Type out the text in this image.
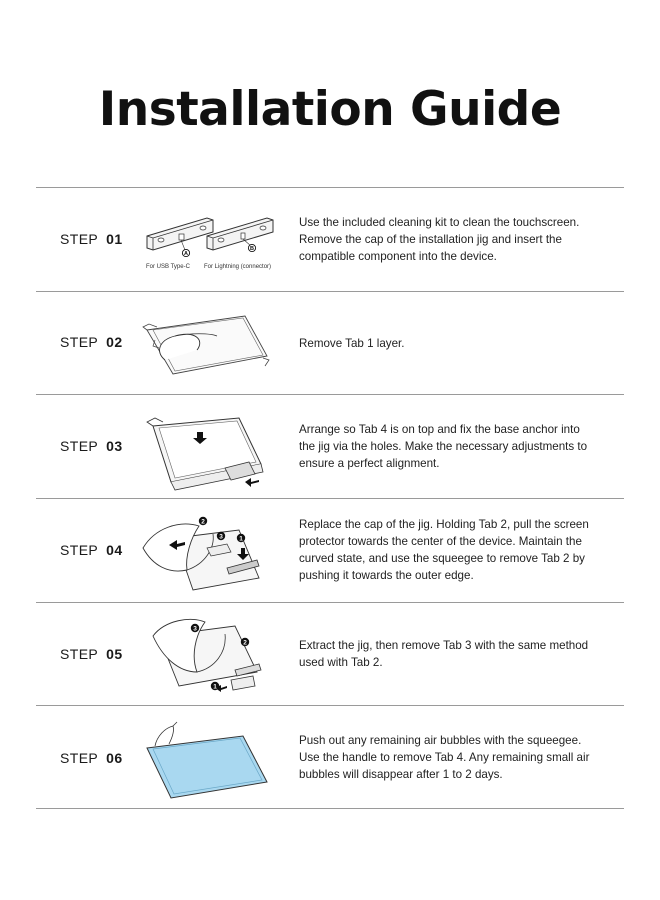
Installation Guide
STEP 01
A
B
For USB Type-C For Lightning (connector)
Use the included cleaning kit to clean the touchscreen. Remove the cap of the installation jig and insert the compatible component into the device.
STEP 02	Remove Tab 1 layer.
STEP 03
Arrange so Tab 4 is on top and fix the base anchor into the jig via the holes. Make the necessary adjustments to ensure a perfect alignment.
STEP 04
2
3	1
Replace the cap of the jig. Holding Tab 2, pull the screen protector towards the center of the device. Maintain the curved state, and use the squeegee to remove Tab 2 by pushing it towards the outer edge.
STEP 05
3
2
1
Extract the jig, then remove Tab 3 with the same method used with Tab 2.
STEP 06
Push out any remaining air bubbles with the squeegee. Use the handle to remove Tab 4. Any remaining small air bubbles will disappear after 1 to 2 days.
